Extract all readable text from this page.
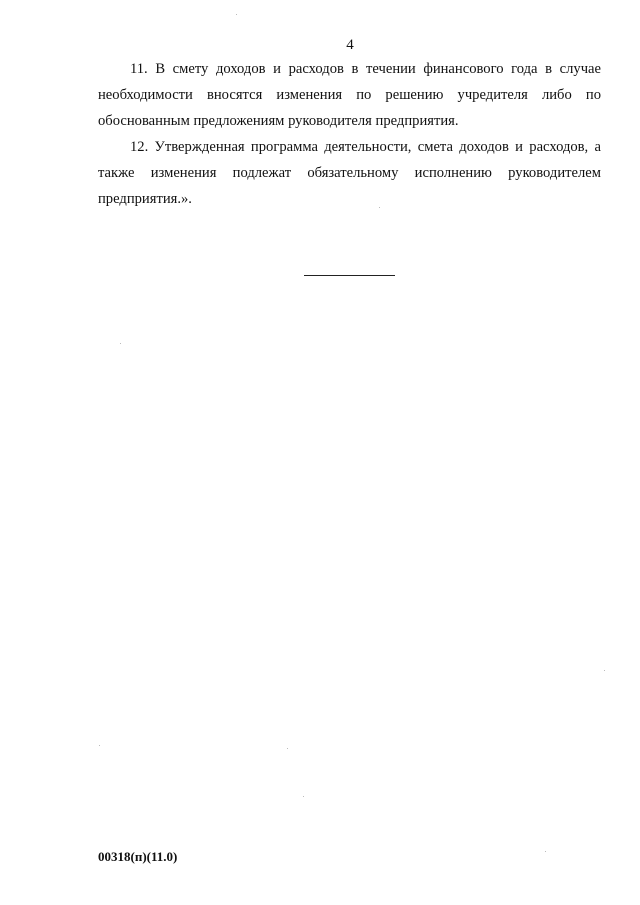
4

11. В смету доходов и расходов в течении финансового года в случае необходимости вносятся изменения по решению учредителя либо по обоснованным предложениям руководителя предприятия.

12. Утвержденная программа деятельности, смета доходов и расходов, а также изменения подлежат обязательному исполнению руководителем предприятия.».

00318(п)(11.0)
